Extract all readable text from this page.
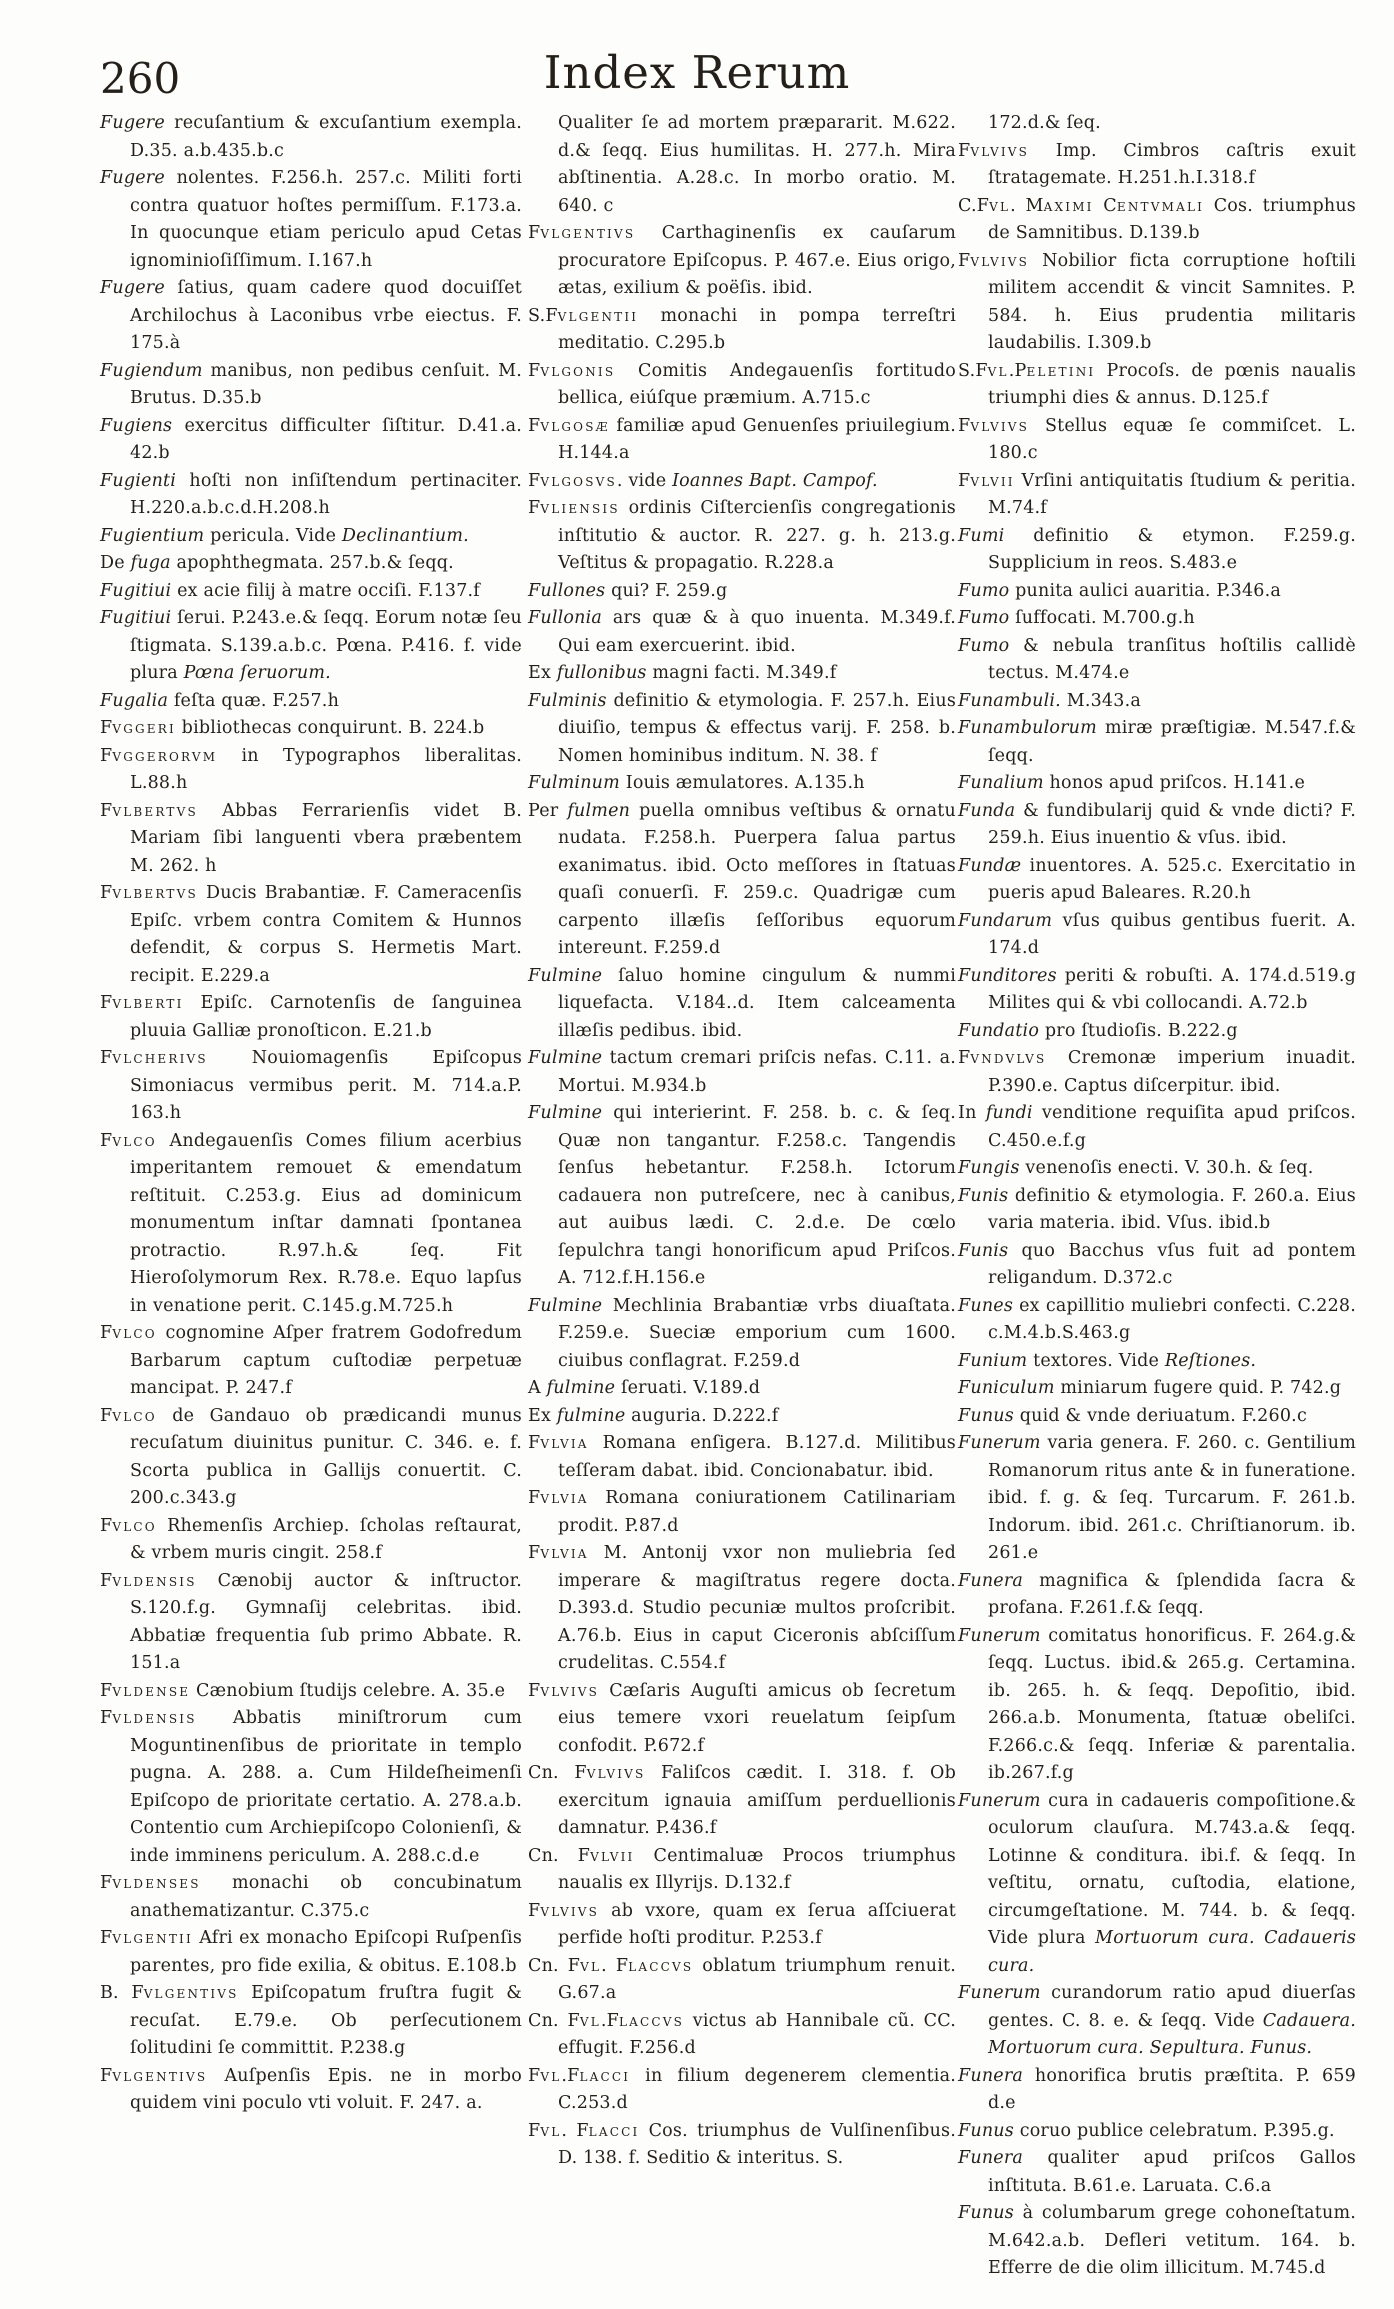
260	Index Rerum

Fugere recuſantium & excuſantium exempla. D.35. a.b.435.b.c

Fugere nolentes. F.256.h. 257.c. Militi forti contra quatuor hoſtes permiſſum. F.173.a. In quocunque etiam periculo apud Cetas ignominioſiſſimum. I.167.h

Fugere ſatius, quam cadere quod docuiſſet Archilochus à Laconibus vrbe eiectus. F. 175.à

Fugiendum manibus, non pedibus cenſuit. M. Brutus. D.35.b

Fugiens exercitus difficulter ſiſtitur. D.41.a. 42.b

Fugienti hoſti non inſiſtendum pertinaciter. H.220.a.b.c.d.H.208.h

Fugientium pericula. Vide Declinantium.

De fuga apophthegmata. 257.b.& ſeqq.

Fugitiui ex acie filij à matre occiſi. F.137.f

Fugitiui ſerui. P.243.e.& ſeqq. Eorum notæ ſeu ſtigmata. S.139.a.b.c. Pœna. P.416. f. vide plura Pœna ſeruorum.

Fugalia feſta quæ. F.257.h

Fvggeri bibliothecas conquirunt. B. 224.b

Fvggerorvm in Typographos liberalitas. L.88.h

Fvlbertvs Abbas Ferrarienſis videt B. Mariam ſibi languenti vbera præbentem M. 262. h

Fvlbertvs Ducis Brabantiæ. F. Cameracenſis Epiſc. vrbem contra Comitem & Hunnos defendit, & corpus S. Hermetis Mart. recipit. E.229.a

Fvlberti Epiſc. Carnotenſis de ſanguinea pluuia Galliæ pronoſticon. E.21.b

Fvlcherivs Nouiomagenſis Epiſcopus Simoniacus vermibus perit. M. 714.a.P. 163.h

Fvlco Andegauenſis Comes filium acerbius imperitantem remouet & emendatum reſtituit. C.253.g. Eius ad dominicum monumentum inſtar damnati ſpontanea protractio. R.97.h.& ſeq. Fit Hieroſolymorum Rex. R.78.e. Equo lapſus in venatione perit. C.145.g.M.725.h

Fvlco cognomine Aſper fratrem Godofredum Barbarum captum cuſtodiæ perpetuæ mancipat. P. 247.f

Fvlco de Gandauo ob prædicandi munus recuſatum diuinitus punitur. C. 346. e. f. Scorta publica in Gallijs conuertit. C. 200.c.343.g

Fvlco Rhemenſis Archiep. ſcholas reſtaurat, & vrbem muris cingit. 258.f

Fvldensis Cænobij auctor & inſtructor. S.120.f.g. Gymnaſij celebritas. ibid. Abbatiæ frequentia ſub primo Abbate. R. 151.a

Fvldense Cænobium ſtudijs celebre. A. 35.e

Fvldensis Abbatis miniſtrorum cum Moguntinenſibus de prioritate in templo pugna. A. 288. a. Cum Hildeſheimenſi Epiſcopo de prioritate certatio. A. 278.a.b. Contentio cum Archiepiſcopo Colonienſi, & inde imminens periculum. A. 288.c.d.e

Fvldenses monachi ob concubinatum anathematizantur. C.375.c

Fvlgentii Afri ex monacho Epiſcopi Ruſpenſis parentes, pro fide exilia, & obitus. E.108.b

B. Fvlgentivs Epiſcopatum fruſtra fugit & recuſat. E.79.e. Ob perſecutionem ſolitudini ſe committit. P.238.g

Fvlgentivs Auſpenſis Epis. ne in morbo quidem vini poculo vti voluit. F. 247. a.

Qualiter ſe ad mortem præpararit. M.622. d.& ſeqq. Eius humilitas. H. 277.h. Mira abſtinentia. A.28.c. In morbo oratio. M. 640. c

Fvlgentivs Carthaginenſis ex cauſarum procuratore Epiſcopus. P. 467.e. Eius origo, ætas, exilium & poëſis. ibid.

S.Fvlgentii monachi in pompa terreſtri meditatio. C.295.b

Fvlgonis Comitis Andegauenſis fortitudo bellica, eiúſque præmium. A.715.c

Fvlgosæ familiæ apud Genuenſes priuilegium. H.144.a

Fvlgosvs. vide Ioannes Bapt. Campof.

Fvliensis ordinis Ciſtercienſis congregationis inſtitutio & auctor. R. 227. g. h. 213.g. Veſtitus & propagatio. R.228.a

Fullones qui? F. 259.g

Fullonia ars quæ & à quo inuenta. M.349.f. Qui eam exercuerint. ibid.

Ex fullonibus magni facti. M.349.f

Fulminis definitio & etymologia. F. 257.h. Eius diuiſio, tempus & effectus varij. F. 258. b. Nomen hominibus inditum. N. 38. f

Fulminum Iouis æmulatores. A.135.h

Per fulmen puella omnibus veſtibus & ornatu nudata. F.258.h. Puerpera ſalua partus exanimatus. ibid. Octo meſſores in ſtatuas quaſi conuerſi. F. 259.c. Quadrigæ cum carpento illæſis ſeſſoribus equorum intereunt. F.259.d

Fulmine ſaluo homine cingulum & nummi liquefacta. V.184..d. Item calceamenta illæſis pedibus. ibid.

Fulmine tactum cremari priſcis nefas. C.11. a. Mortui. M.934.b

Fulmine qui interierint. F. 258. b. c. & ſeq. Quæ non tangantur. F.258.c. Tangendis ſenſus hebetantur. F.258.h. Ictorum cadauera non putreſcere, nec à canibus, aut auibus lædi. C. 2.d.e. De cœlo ſepulchra tangi honorificum apud Priſcos. A. 712.f.H.156.e

Fulmine Mechlinia Brabantiæ vrbs diuaſtata. F.259.e. Sueciæ emporium cum 1600. ciuibus conflagrat. F.259.d

A fulmine ſeruati. V.189.d

Ex fulmine auguria. D.222.f

Fvlvia Romana enſigera. B.127.d. Militibus teſſeram dabat. ibid. Concionabatur. ibid.

Fvlvia Romana coniurationem Catilinariam prodit. P.87.d

Fvlvia M. Antonij vxor non muliebria ſed imperare & magiſtratus regere docta. D.393.d. Studio pecuniæ multos proſcribit. A.76.b. Eius in caput Ciceronis abſciſſum crudelitas. C.554.f

Fvlvivs Cæſaris Auguſti amicus ob ſecretum eius temere vxori reuelatum ſeipſum confodit. P.672.f

Cn. Fvlvivs Faliſcos cædit. I. 318. f. Ob exercitum ignauia amiſſum perduellionis damnatur. P.436.f

Cn. Fvlvii Centimaluæ Procos triumphus naualis ex Illyrijs. D.132.f

Fvlvivs ab vxore, quam ex ſerua aſſciuerat perfide hoſti proditur. P.253.f

Cn. Fvl. Flaccvs oblatum triumphum renuit. G.67.a

Cn. Fvl.Flaccvs victus ab Hannibale cũ. CC. effugit. F.256.d

Fvl.Flacci in filium degenerem clementia. C.253.d

Fvl. Flacci Cos. triumphus de Vulſinenſibus. D. 138. f. Seditio & interitus. S.

172.d.& ſeq.

Fvlvivs Imp. Cimbros caſtris exuit ſtratagemate. H.251.h.I.318.f

C.Fvl. Maximi Centvmali Cos. triumphus de Samnitibus. D.139.b

Fvlvivs Nobilior ficta corruptione hoſtili militem accendit & vincit Samnites. P. 584. h. Eius prudentia militaris laudabilis. I.309.b

S.Fvl.Peletini Procoſs. de pœnis naualis triumphi dies & annus. D.125.f

Fvlvivs Stellus equæ ſe commiſcet. L. 180.c

Fvlvii Vrſini antiquitatis ſtudium & peritia. M.74.f

Fumi definitio & etymon. F.259.g. Supplicium in reos. S.483.e

Fumo punita aulici auaritia. P.346.a

Fumo ſuffocati. M.700.g.h

Fumo & nebula tranſitus hoſtilis callidè tectus. M.474.e

Funambuli. M.343.a

Funambulorum miræ præſtigiæ. M.547.f.& ſeqq.

Funalium honos apud priſcos. H.141.e

Funda & fundibularij quid & vnde dicti? F. 259.h. Eius inuentio & vſus. ibid.

Fundæ inuentores. A. 525.c. Exercitatio in pueris apud Baleares. R.20.h

Fundarum vſus quibus gentibus fuerit. A. 174.d

Funditores periti & robuſti. A. 174.d.519.g Milites qui & vbi collocandi. A.72.b

Fundatio pro ſtudioſis. B.222.g

Fvndvlvs Cremonæ imperium inuadit. P.390.e. Captus diſcerpitur. ibid.

In fundi venditione requiſita apud priſcos. C.450.e.f.g

Fungis venenoſis enecti. V. 30.h. & ſeq.

Funis definitio & etymologia. F. 260.a. Eius varia materia. ibid. Vſus. ibid.b

Funis quo Bacchus vſus fuit ad pontem religandum. D.372.c

Funes ex capillitio muliebri confecti. C.228. c.M.4.b.S.463.g

Funium textores. Vide Reſtiones.

Funiculum miniarum fugere quid. P. 742.g

Funus quid & vnde deriuatum. F.260.c

Funerum varia genera. F. 260. c. Gentilium Romanorum ritus ante & in funeratione. ibid. f. g. & ſeq. Turcarum. F. 261.b. Indorum. ibid. 261.c. Chriſtianorum. ib. 261.e

Funera magnifica & ſplendida ſacra & profana. F.261.f.& ſeqq.

Funerum comitatus honorificus. F. 264.g.& ſeqq. Luctus. ibid.& 265.g. Certamina. ib. 265. h. & ſeqq. Depoſitio, ibid. 266.a.b. Monumenta, ſtatuæ obeliſci. F.266.c.& ſeqq. Inferiæ & parentalia. ib.267.f.g

Funerum cura in cadaueris compoſitione.& oculorum clauſura. M.743.a.& ſeqq. Lotinne & conditura. ibi.f. & ſeqq. In veſtitu, ornatu, cuſtodia, elatione, circumgeſtatione. M. 744. b. & ſeqq. Vide plura Mortuorum cura. Cadaueris cura.

Funerum curandorum ratio apud diuerſas gentes. C. 8. e. & ſeqq. Vide Cadauera. Mortuorum cura. Sepultura. Funus.

Funera honorifica brutis præſtita. P. 659 d.e

Funus coruo publice celebratum. P.395.g.

Funera qualiter apud priſcos Gallos inſtituta. B.61.e. Laruata. C.6.a

Funus à columbarum grege cohoneſtatum. M.642.a.b. Defleri vetitum. 164. b. Efferre de die olim illicitum. M.745.d
